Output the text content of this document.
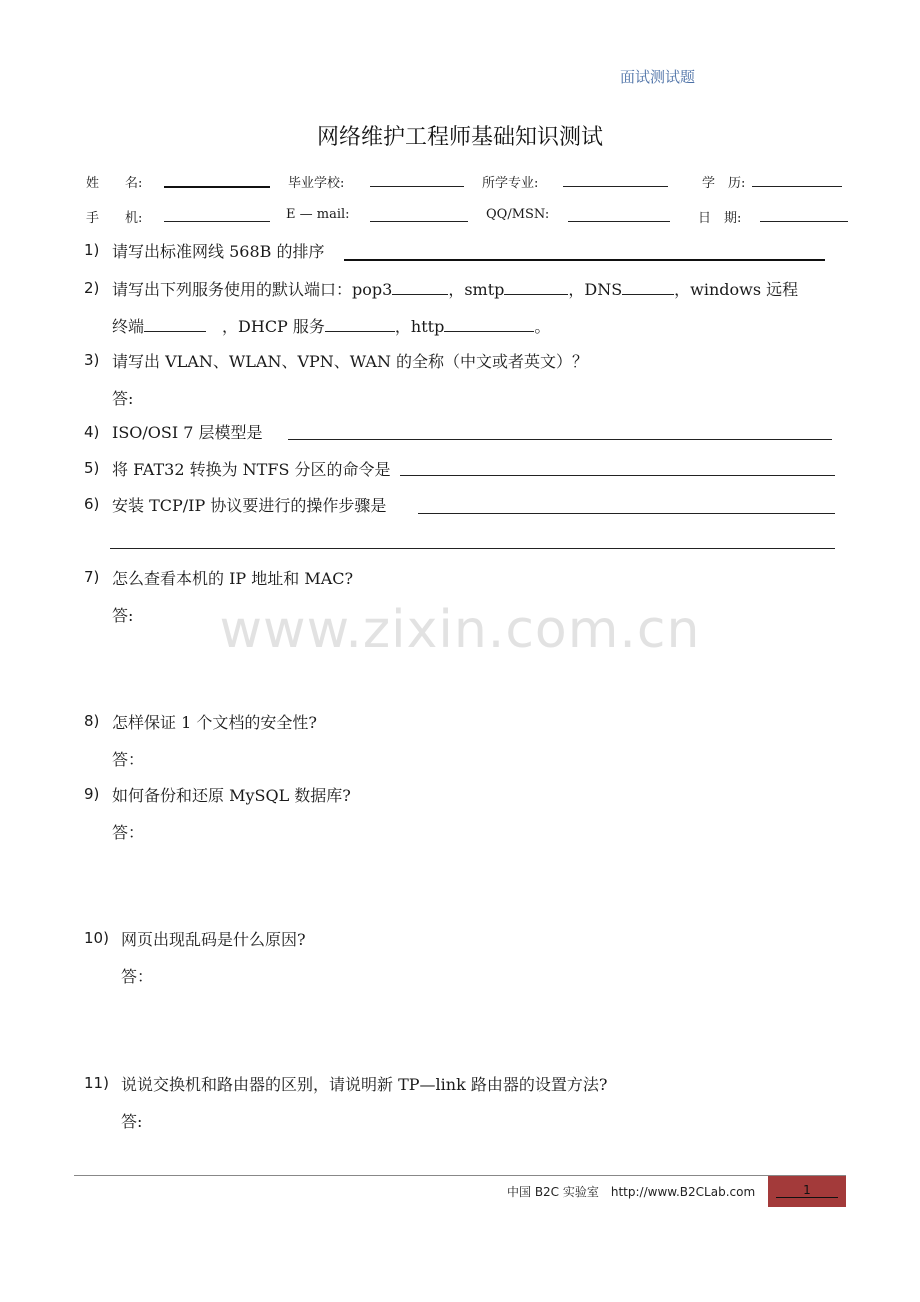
面试测试题
网络维护工程师基础知识测试
姓　　名:	毕业学校:	所学专业:	学　历:
手　　机:	E — mail:	QQ/MSN:	日　期:
1) 请写出标准网线 568B 的排序
2) 请写出下列服务使用的默认端口：pop3	，smtp	，DNS	，windows 远程
终端　	，DHCP 服务	，http	。
3) 请写出 VLAN、WLAN、VPN、WAN 的全称（中文或者英文）？
答:
4) ISO/OSI 7 层模型是
5) 将 FAT32 转换为 NTFS 分区的命令是
6) 安装 TCP/IP 协议要进行的操作步骤是
7) 怎么查看本机的 IP 地址和 MAC?
答:	www.zixin.com.cn
8) 怎样保证 1 个文档的安全性?
答：
9) 如何备份和还原 MySQL 数据库?
答：
10) 网页出现乱码是什么原因?
答：
11) 说说交换机和路由器的区别，请说明新 TP—link 路由器的设置方法?
答:
中国 B2C 实验室　http://www.B2CLab.com	1
